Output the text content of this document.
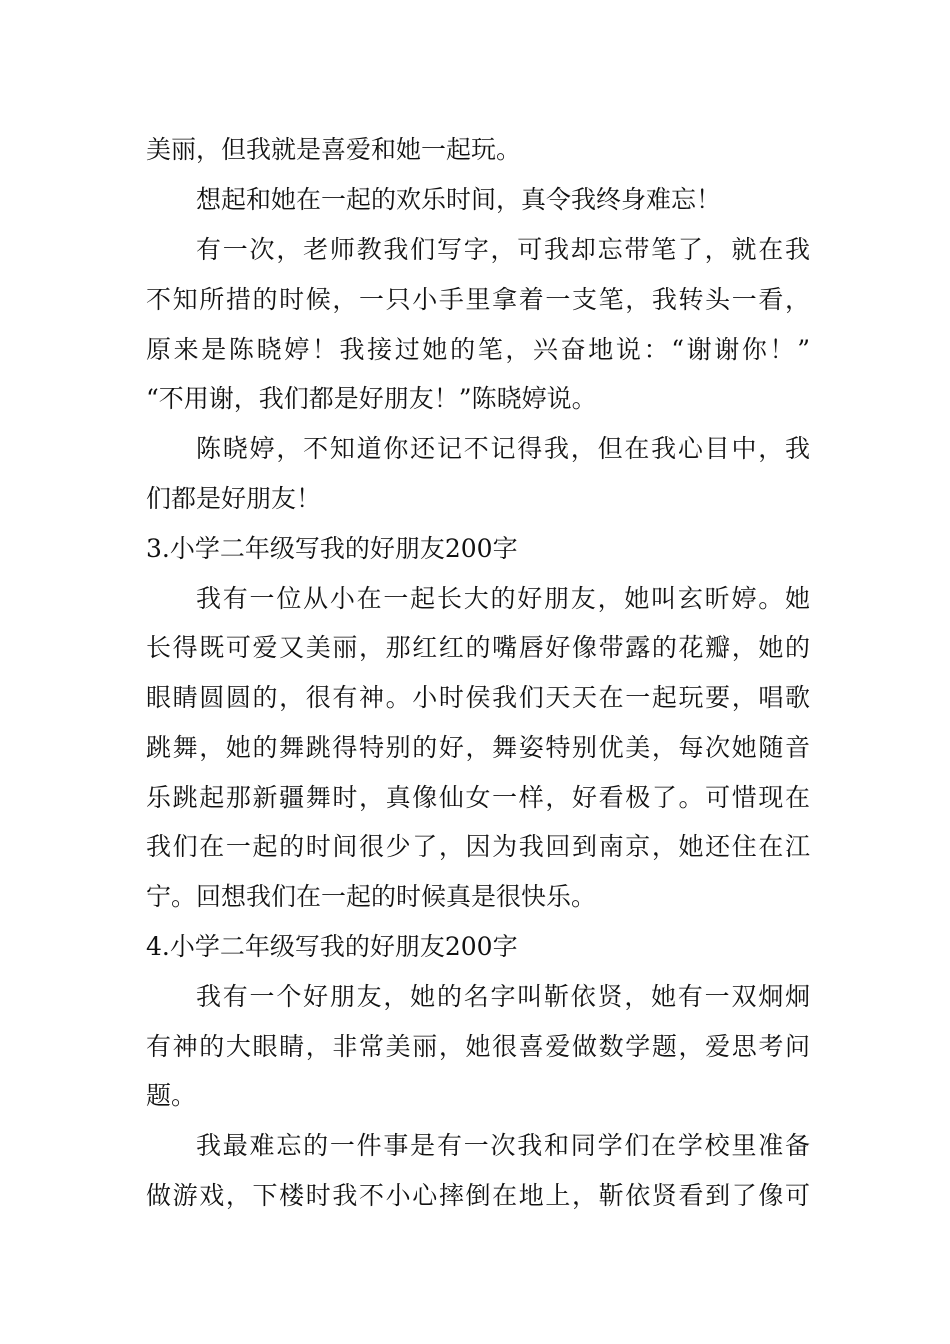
美丽，但我就是喜爱和她一起玩。
想起和她在一起的欢乐时间，真令我终身难忘！
有一次，老师教我们写字，可我却忘带笔了，就在我
不知所措的时候，一只小手里拿着一支笔，我转头一看，
原来是陈晓婷！我接过她的笔，兴奋地说：“谢谢你！”
“不用谢，我们都是好朋友！”陈晓婷说。
陈晓婷，不知道你还记不记得我，但在我心目中，我
们都是好朋友！
3.小学二年级写我的好朋友200字
我有一位从小在一起长大的好朋友，她叫玄昕婷。她
长得既可爱又美丽，那红红的嘴唇好像带露的花瓣，她的
眼睛圆圆的，很有神。小时侯我们天天在一起玩要，唱歌
跳舞，她的舞跳得特别的好，舞姿特别优美，每次她随音
乐跳起那新疆舞时，真像仙女一样，好看极了。可惜现在
我们在一起的时间很少了，因为我回到南京，她还住在江
宁。回想我们在一起的时候真是很快乐。
4.小学二年级写我的好朋友200字
我有一个好朋友，她的名字叫靳依贤，她有一双炯炯
有神的大眼睛，非常美丽，她很喜爱做数学题，爱思考问
题。
我最难忘的一件事是有一次我和同学们在学校里准备
做游戏，下楼时我不小心摔倒在地上，靳依贤看到了像可
